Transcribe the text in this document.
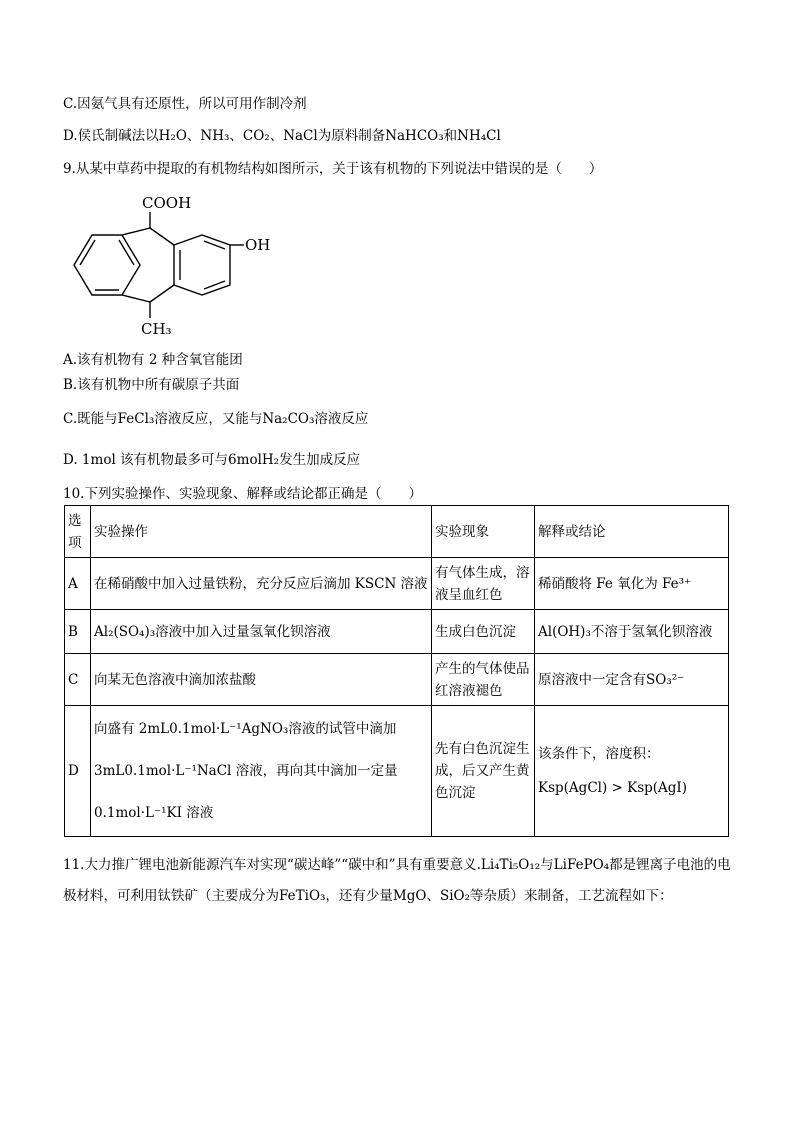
C.因氨气具有还原性，所以可用作制冷剂
D.侯氏制碱法以H₂O、NH₃、CO₂、NaCl为原料制备NaHCO₃和NH₄Cl
9.从某中草药中提取的有机物结构如图所示，关于该有机物的下列说法中错误的是（　　）
COOH
OH
CH₃
A.该有机物有 2 种含氧官能团
B.该有机物中所有碳原子共面
C.既能与FeCl₃溶液反应，又能与Na₂CO₃溶液反应
D. 1mol 该有机物最多可与6molH₂发生加成反应
10.下列实验操作、实验现象、解释或结论都正确是（　　）
选项	实验操作	实验现象	解释或结论
A	在稀硝酸中加入过量铁粉，充分反应后滴加 KSCN 溶液	有气体生成，溶液呈血红色	稀硝酸将 Fe 氧化为 Fe³⁺
B	Al₂(SO₄)₃溶液中加入过量氢氧化钡溶液	生成白色沉淀	Al(OH)₃不溶于氢氧化钡溶液
C	向某无色溶液中滴加浓盐酸	产生的气体使品红溶液褪色	原溶液中一定含有SO₃²⁻
D	向盛有 2mL0.1mol·L⁻¹AgNO₃溶液的试管中滴加 3mL0.1mol·L⁻¹NaCl 溶液，再向其中滴加一定量 0.1mol·L⁻¹KI 溶液	先有白色沉淀生成，后又产生黄色沉淀	该条件下，溶度积：Ksp(AgCl) > Ksp(AgI)
11.大力推广锂电池新能源汽车对实现“碳达峰”“碳中和”具有重要意义.Li₄Ti₅O₁₂与LiFePO₄都是锂离子电池的电极材料，可利用钛铁矿（主要成分为FeTiO₃，还有少量MgO、SiO₂等杂质）来制备，工艺流程如下：
